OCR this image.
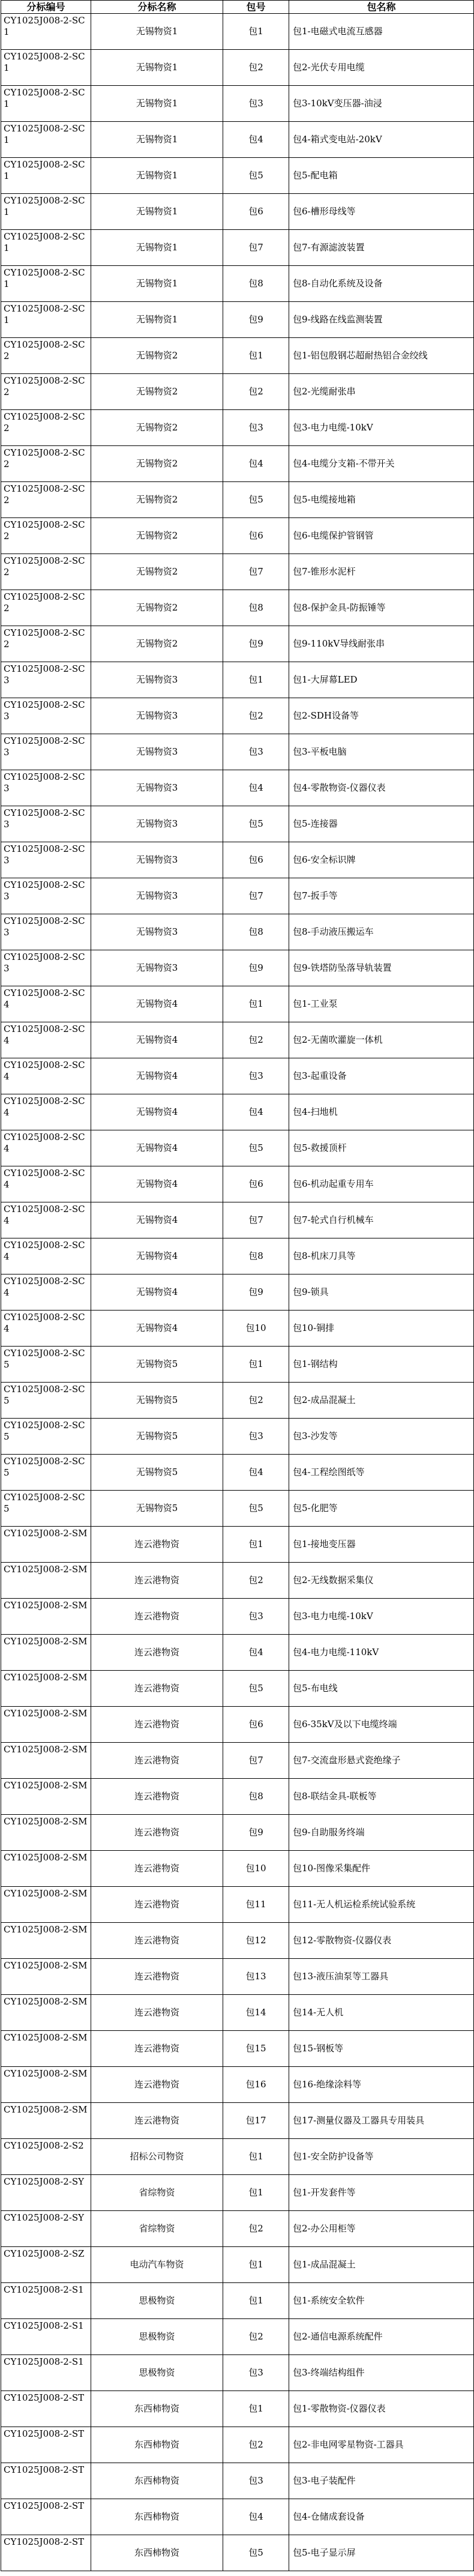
分标编号	分标名称	包号	包名称
CY1025J008-2-SC1	无锡物资1	包1	包1-电磁式电流互感器
CY1025J008-2-SC1	无锡物资1	包2	包2-光伏专用电缆
CY1025J008-2-SC1	无锡物资1	包3	包3-10kV变压器-油浸
CY1025J008-2-SC1	无锡物资1	包4	包4-箱式变电站-20kV
CY1025J008-2-SC1	无锡物资1	包5	包5-配电箱
CY1025J008-2-SC1	无锡物资1	包6	包6-槽形母线等
CY1025J008-2-SC1	无锡物资1	包7	包7-有源滤波装置
CY1025J008-2-SC1	无锡物资1	包8	包8-自动化系统及设备
CY1025J008-2-SC1	无锡物资1	包9	包9-线路在线监测装置
CY1025J008-2-SC2	无锡物资2	包1	包1-铝包殷钢芯超耐热铝合金绞线
CY1025J008-2-SC2	无锡物资2	包2	包2-光缆耐张串
CY1025J008-2-SC2	无锡物资2	包3	包3-电力电缆-10kV
CY1025J008-2-SC2	无锡物资2	包4	包4-电缆分支箱-不带开关
CY1025J008-2-SC2	无锡物资2	包5	包5-电缆接地箱
CY1025J008-2-SC2	无锡物资2	包6	包6-电缆保护管钢管
CY1025J008-2-SC2	无锡物资2	包7	包7-锥形水泥杆
CY1025J008-2-SC2	无锡物资2	包8	包8-保护金具-防振锤等
CY1025J008-2-SC2	无锡物资2	包9	包9-110kV导线耐张串
CY1025J008-2-SC3	无锡物资3	包1	包1-大屏幕LED
CY1025J008-2-SC3	无锡物资3	包2	包2-SDH设备等
CY1025J008-2-SC3	无锡物资3	包3	包3-平板电脑
CY1025J008-2-SC3	无锡物资3	包4	包4-零散物资-仪器仪表
CY1025J008-2-SC3	无锡物资3	包5	包5-连接器
CY1025J008-2-SC3	无锡物资3	包6	包6-安全标识牌
CY1025J008-2-SC3	无锡物资3	包7	包7-扳手等
CY1025J008-2-SC3	无锡物资3	包8	包8-手动液压搬运车
CY1025J008-2-SC3	无锡物资3	包9	包9-铁塔防坠落导轨装置
CY1025J008-2-SC4	无锡物资4	包1	包1-工业泵
CY1025J008-2-SC4	无锡物资4	包2	包2-无菌吹灌旋一体机
CY1025J008-2-SC4	无锡物资4	包3	包3-起重设备
CY1025J008-2-SC4	无锡物资4	包4	包4-扫地机
CY1025J008-2-SC4	无锡物资4	包5	包5-救援顶杆
CY1025J008-2-SC4	无锡物资4	包6	包6-机动起重专用车
CY1025J008-2-SC4	无锡物资4	包7	包7-轮式自行机械车
CY1025J008-2-SC4	无锡物资4	包8	包8-机床刀具等
CY1025J008-2-SC4	无锡物资4	包9	包9-锁具
CY1025J008-2-SC4	无锡物资4	包10	包10-铜排
CY1025J008-2-SC5	无锡物资5	包1	包1-钢结构
CY1025J008-2-SC5	无锡物资5	包2	包2-成品混凝土
CY1025J008-2-SC5	无锡物资5	包3	包3-沙发等
CY1025J008-2-SC5	无锡物资5	包4	包4-工程绘图纸等
CY1025J008-2-SC5	无锡物资5	包5	包5-化肥等
CY1025J008-2-SM	连云港物资	包1	包1-接地变压器
CY1025J008-2-SM	连云港物资	包2	包2-无线数据采集仪
CY1025J008-2-SM	连云港物资	包3	包3-电力电缆-10kV
CY1025J008-2-SM	连云港物资	包4	包4-电力电缆-110kV
CY1025J008-2-SM	连云港物资	包5	包5-布电线
CY1025J008-2-SM	连云港物资	包6	包6-35kV及以下电缆终端
CY1025J008-2-SM	连云港物资	包7	包7-交流盘形悬式瓷绝缘子
CY1025J008-2-SM	连云港物资	包8	包8-联结金具-联板等
CY1025J008-2-SM	连云港物资	包9	包9-自助服务终端
CY1025J008-2-SM	连云港物资	包10	包10-图像采集配件
CY1025J008-2-SM	连云港物资	包11	包11-无人机运检系统试验系统
CY1025J008-2-SM	连云港物资	包12	包12-零散物资-仪器仪表
CY1025J008-2-SM	连云港物资	包13	包13-液压油泵等工器具
CY1025J008-2-SM	连云港物资	包14	包14-无人机
CY1025J008-2-SM	连云港物资	包15	包15-钢板等
CY1025J008-2-SM	连云港物资	包16	包16-绝缘涂料等
CY1025J008-2-SM	连云港物资	包17	包17-测量仪器及工器具专用装具
CY1025J008-2-S2	招标公司物资	包1	包1-安全防护设备等
CY1025J008-2-SY	省综物资	包1	包1-开发套件等
CY1025J008-2-SY	省综物资	包2	包2-办公用柜等
CY1025J008-2-SZ	电动汽车物资	包1	包1-成品混凝土
CY1025J008-2-S1	思极物资	包1	包1-系统安全软件
CY1025J008-2-S1	思极物资	包2	包2-通信电源系统配件
CY1025J008-2-S1	思极物资	包3	包3-终端结构组件
CY1025J008-2-ST	东西柿物资	包1	包1-零散物资-仪器仪表
CY1025J008-2-ST	东西柿物资	包2	包2-非电网零星物资-工器具
CY1025J008-2-ST	东西柿物资	包3	包3-电子装配件
CY1025J008-2-ST	东西柿物资	包4	包4-仓储成套设备
CY1025J008-2-ST	东西柿物资	包5	包5-电子显示屏
